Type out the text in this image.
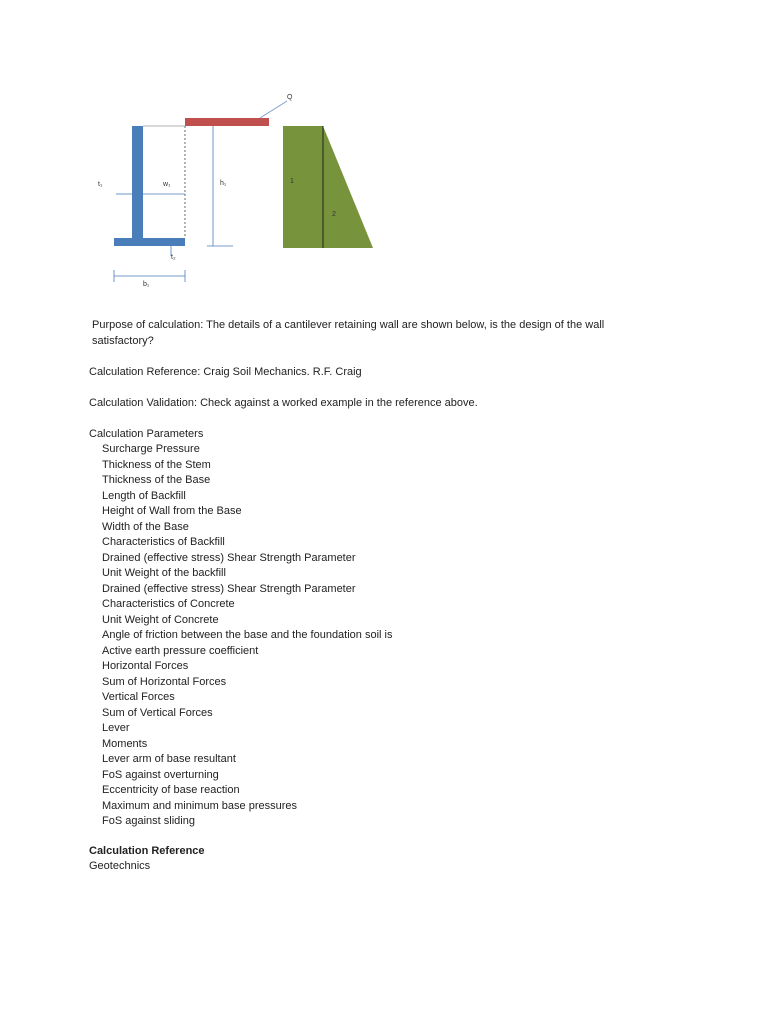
Q
t₁	w₁	h₁
t₂
b₁
1
2

Purpose of calculation: The details of a cantilever retaining wall are shown below, is the design of the wall satisfactory?

Calculation Reference: Craig Soil Mechanics. R.F. Craig

Calculation Validation: Check against a worked example in the reference above.

Calculation Parameters

Surcharge Pressure
Thickness of the Stem
Thickness of the Base
Length of Backfill
Height of Wall from the Base
Width of the Base
Characteristics of Backfill
Drained (effective stress) Shear Strength Parameter
Unit Weight of the backfill
Drained (effective stress) Shear Strength Parameter
Characteristics of Concrete
Unit Weight of Concrete
Angle of friction between the base and the foundation soil is
Active earth pressure coefficient
Horizontal Forces
Sum of Horizontal Forces
Vertical Forces
Sum of Vertical Forces
Lever
Moments
Lever arm of base resultant
FoS against overturning
Eccentricity of base reaction
Maximum and minimum base pressures
FoS against sliding

Calculation Reference

Geotechnics
